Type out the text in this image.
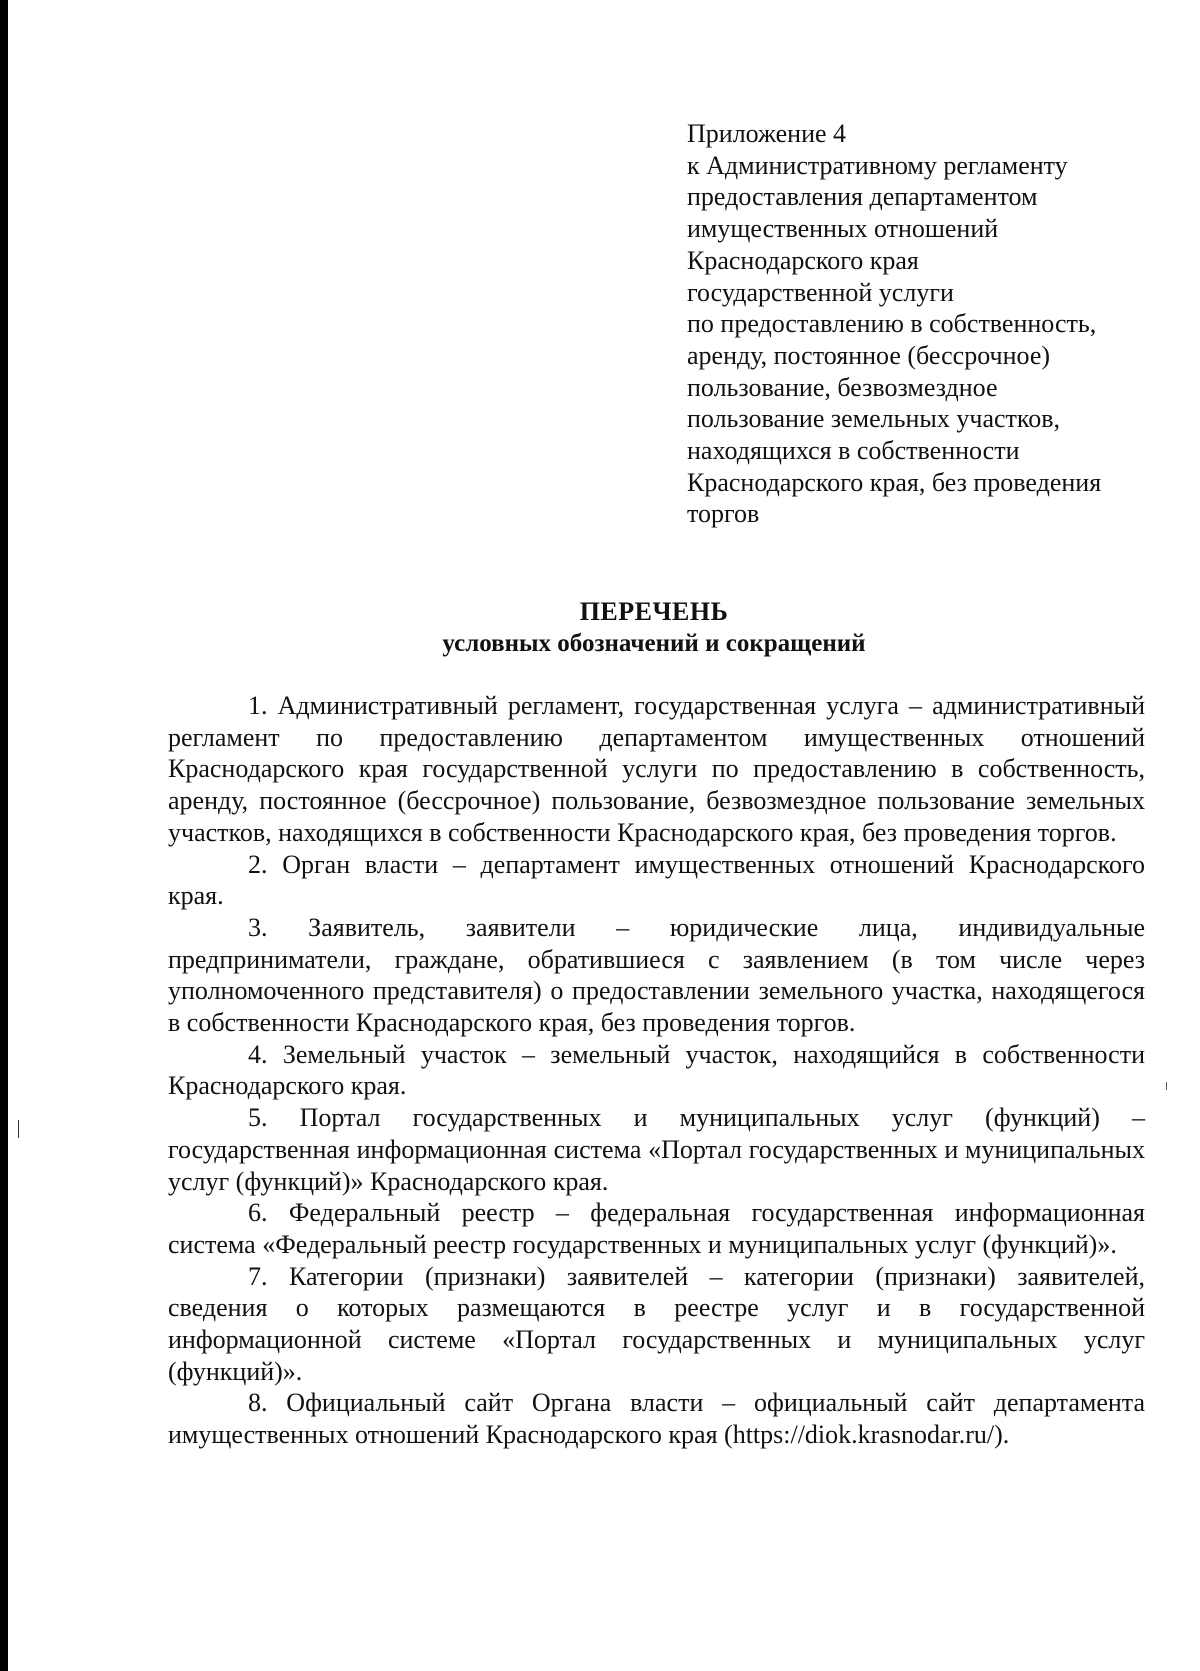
Приложение 4
к Административному регламенту
предоставления департаментом
имущественных отношений
Краснодарского края
государственной услуги
по предоставлению в собственность,
аренду, постоянное (бессрочное)
пользование, безвозмездное
пользование земельных участков,
находящихся в собственности
Краснодарского края, без проведения
торгов
ПЕРЕЧЕНЬ
условных обозначений и сокращений

1. Административный регламент, государственная услуга – административный регламент по предоставлению департаментом имущественных отношений Краснодарского края государственной услуги по предоставлению в собственность, аренду, постоянное (бессрочное) пользование, безвозмездное пользование земельных участков, находящихся в собственности Краснодарского края, без проведения торгов.

2. Орган власти – департамент имущественных отношений Краснодарского края.

3. Заявитель, заявители – юридические лица, индивидуальные предприниматели, граждане, обратившиеся с заявлением (в том числе через уполномоченного представителя) о предоставлении земельного участка, находящегося в собственности Краснодарского края, без проведения торгов.

4. Земельный участок – земельный участок, находящийся в собственности Краснодарского края.

5. Портал государственных и муниципальных услуг (функций) – государственная информационная система «Портал государственных и муниципальных услуг (функций)» Краснодарского края.

6. Федеральный реестр – федеральная государственная информационная система «Федеральный реестр государственных и муниципальных услуг (функций)».

7. Категории (признаки) заявителей – категории (признаки) заявителей, сведения о которых размещаются в реестре услуг и в государственной информационной системе «Портал государственных и муниципальных услуг (функций)».

8. Официальный сайт Органа власти – официальный сайт департамента имущественных отношений Краснодарского края (https://diok.krasnodar.ru/).
